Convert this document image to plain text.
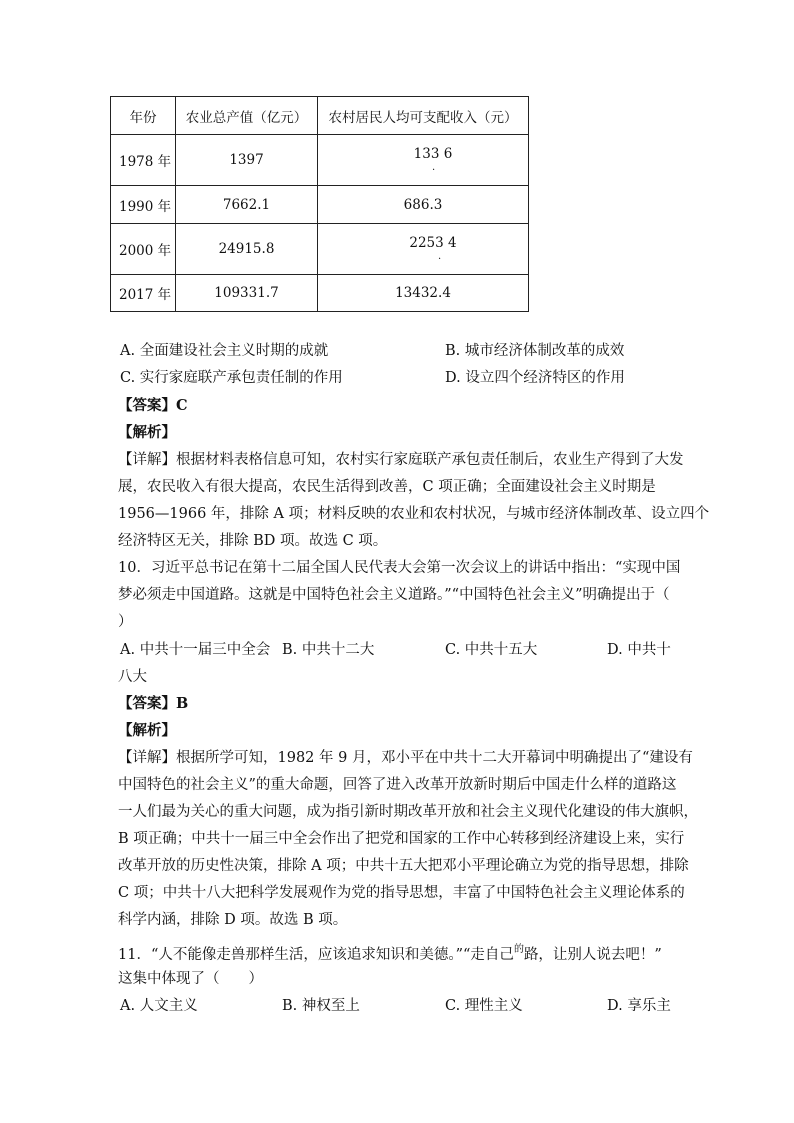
年份	农业总产值（亿元）	农村居民人均可支配收入（元）
1978 年	1397	133 6
.

1990 年	7662.1	686.3
2000 年	24915.8	2253 4
.

2017 年	109331.7	13432.4
A. 全面建设社会主义时期的成就	B. 城市经济体制改革的成效
C. 实行家庭联产承包责任制的作用	D. 设立四个经济特区的作用
【答案】C
【解析】
【详解】根据材料表格信息可知，农村实行家庭联产承包责任制后，农业生产得到了大发
展，农民收入有很大提高，农民生活得到改善，C 项正确；全面建设社会主义时期是
1956—1966 年，排除 A 项；材料反映的农业和农村状况，与城市经济体制改革、设立四个
经济特区无关，排除 BD 项。故选 C 项。
10．习近平总书记在第十二届全国人民代表大会第一次会议上的讲话中指出：“实现中国
梦必须走中国道路。这就是中国特色社会主义道路。”“中国特色社会主义”明确提出于（
）
A. 中共十一届三中全会 B. 中共十二大	C. 中共十五大	D. 中共十
八大
【答案】B
【解析】
【详解】根据所学可知，1982 年 9 月，邓小平在中共十二大开幕词中明确提出了“建设有
中国特色的社会主义”的重大命题，回答了进入改革开放新时期后中国走什么样的道路这
一人们最为关心的重大问题，成为指引新时期改革开放和社会主义现代化建设的伟大旗帜，
B 项正确；中共十一届三中全会作出了把党和国家的工作中心转移到经济建设上来，实行
改革开放的历史性决策，排除 A 项；中共十五大把邓小平理论确立为党的指导思想，排除
C 项；中共十八大把科学发展观作为党的指导思想，丰富了中国特色社会主义理论体系的
科学内涵，排除 D 项。故选 B 项。
11．“人不能像走兽那样生活，应该追求知识和美德。”“走自己$^的$路，让别人说去吧！”
这集中体现了（　　）
A. 人文主义	B. 神权至上	C. 理性主义	D. 享乐主
